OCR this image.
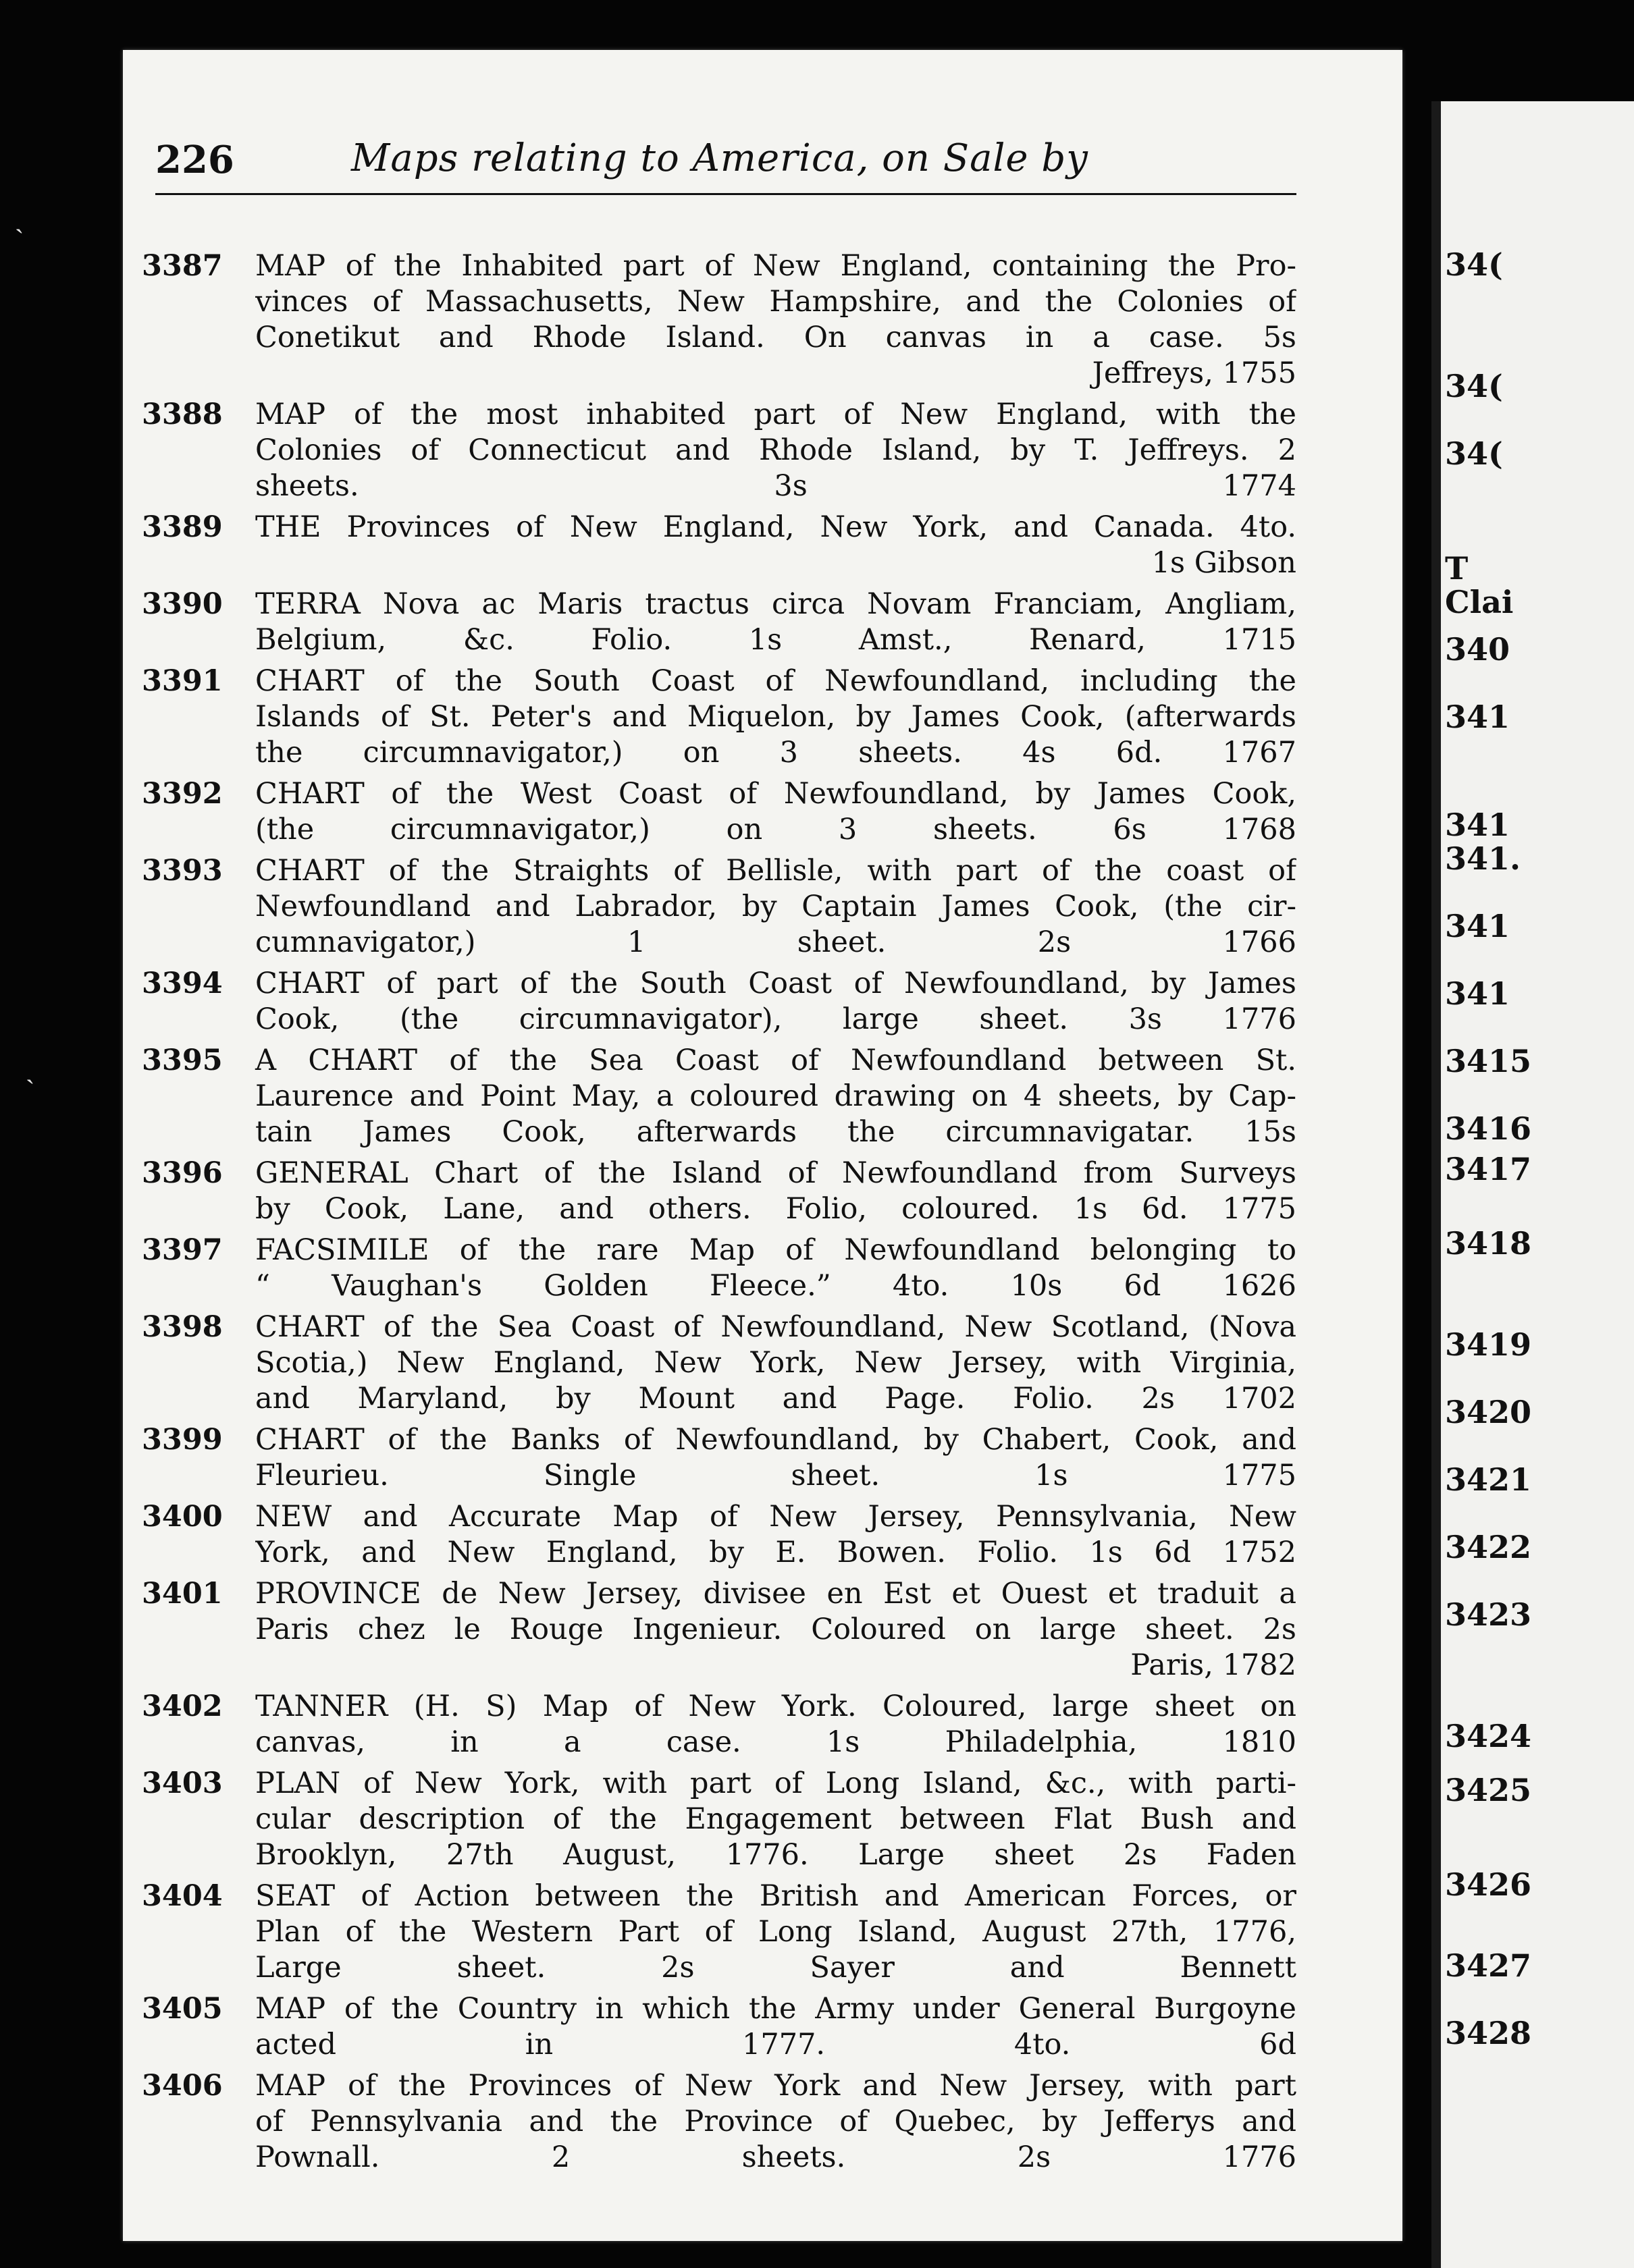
226	Maps relating to America, on Sale by
3387	MAP of the Inhabited part of New England, containing the Pro-
vinces of Massachusetts, New Hampshire, and the Colonies of
Conetikut and Rhode Island. On canvas in a case. 5s
Jeffreys, 1755
3388	MAP of the most inhabited part of New England, with the
Colonies of Connecticut and Rhode Island, by T. Jeffreys. 2
sheets. 3s 1774
3389	THE Provinces of New England, New York, and Canada. 4to.
1s Gibson
3390	TERRA Nova ac Maris tractus circa Novam Franciam, Angliam,
Belgium, &c. Folio. 1s Amst., Renard, 1715
3391	CHART of the South Coast of Newfoundland, including the
Islands of St. Peter's and Miquelon, by James Cook, (afterwards
the circumnavigator,) on 3 sheets. 4s 6d. 1767
3392	CHART of the West Coast of Newfoundland, by James Cook,
(the circumnavigator,) on 3 sheets. 6s 1768
3393	CHART of the Straights of Bellisle, with part of the coast of
Newfoundland and Labrador, by Captain James Cook, (the cir-
cumnavigator,) 1 sheet. 2s 1766
3394	CHART of part of the South Coast of Newfoundland, by James
Cook, (the circumnavigator), large sheet. 3s 1776
3395	A CHART of the Sea Coast of Newfoundland between St.
Laurence and Point May, a coloured drawing on 4 sheets, by Cap-
tain James Cook, afterwards the circumnavigatar. 15s
3396	GENERAL Chart of the Island of Newfoundland from Surveys
by Cook, Lane, and others. Folio, coloured. 1s 6d. 1775
3397	FACSIMILE of the rare Map of Newfoundland belonging to
“ Vaughan's Golden Fleece.” 4to. 10s 6d 1626
3398	CHART of the Sea Coast of Newfoundland, New Scotland, (Nova
Scotia,) New England, New York, New Jersey, with Virginia,
and Maryland, by Mount and Page. Folio. 2s 1702
3399	CHART of the Banks of Newfoundland, by Chabert, Cook, and
Fleurieu. Single sheet. 1s 1775
3400	NEW and Accurate Map of New Jersey, Pennsylvania, New
York, and New England, by E. Bowen. Folio. 1s 6d 1752
3401	PROVINCE de New Jersey, divisee en Est et Ouest et traduit a
Paris chez le Rouge Ingenieur. Coloured on large sheet. 2s
Paris, 1782
3402	TANNER (H. S) Map of New York. Coloured, large sheet on
canvas, in a case. 1s Philadelphia, 1810
3403	PLAN of New York, with part of Long Island, &c., with parti-
cular description of the Engagement between Flat Bush and
Brooklyn, 27th August, 1776. Large sheet 2s Faden
3404	SEAT of Action between the British and American Forces, or
Plan of the Western Part of Long Island, August 27th, 1776,
Large sheet. 2s Sayer and Bennett
3405	MAP of the Country in which the Army under General Burgoyne
acted in 1777. 4to. 6d
3406	MAP of the Provinces of New York and New Jersey, with part
of Pennsylvania and the Province of Quebec, by Jefferys and
Pownall. 2 sheets. 2s 1776
34(
34(
34(
T
Clai
340
341
341
341.
341
341
3415
3416
3417
3418
3419
3420
3421
3422
3423
3424
3425
3426
3427
3428
ˎ
ˎ
